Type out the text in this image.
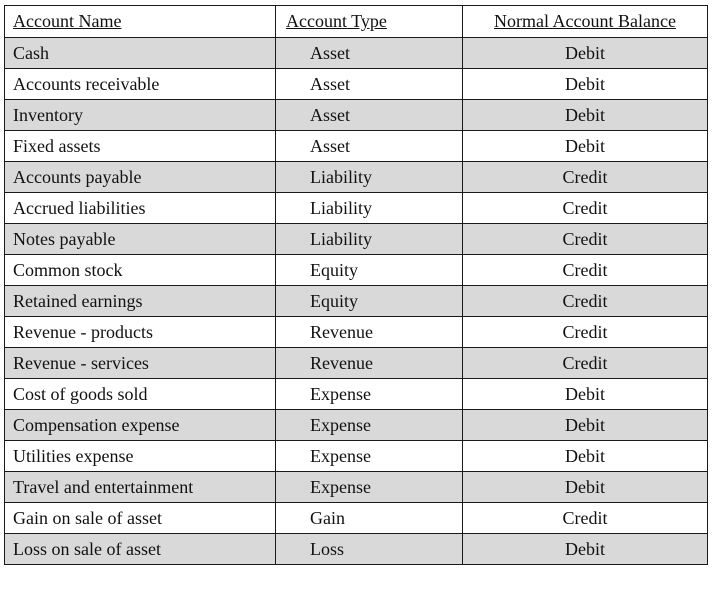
Account Name	Account Type	Normal Account Balance
Cash	Asset	Debit
Accounts receivable	Asset	Debit
Inventory	Asset	Debit
Fixed assets	Asset	Debit
Accounts payable	Liability	Credit
Accrued liabilities	Liability	Credit
Notes payable	Liability	Credit
Common stock	Equity	Credit
Retained earnings	Equity	Credit
Revenue - products	Revenue	Credit
Revenue - services	Revenue	Credit
Cost of goods sold	Expense	Debit
Compensation expense	Expense	Debit
Utilities expense	Expense	Debit
Travel and entertainment	Expense	Debit
Gain on sale of asset	Gain	Credit
Loss on sale of asset	Loss	Debit
